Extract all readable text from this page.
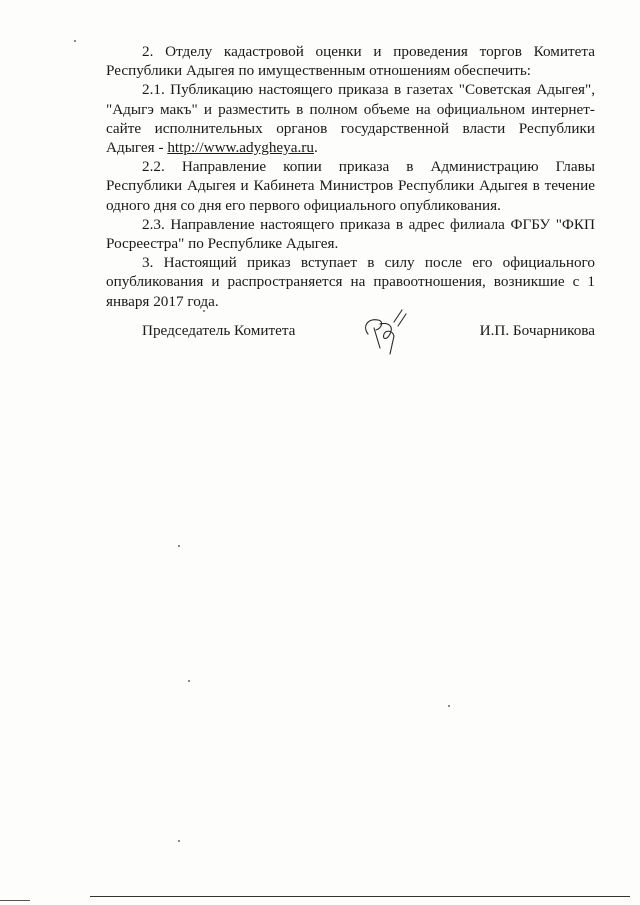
2. Отделу кадастровой оценки и проведения торгов Комитета Республики Адыгея по имущественным отношениям обеспечить:

2.1. Публикацию настоящего приказа в газетах "Советская Адыгея", "Адыгэ макъ" и разместить в полном объеме на официальном интернет-сайте исполнительных органов государственной власти Республики Адыгея - http://www.adygheya.ru.

2.2. Направление копии приказа в Администрацию Главы Республики Адыгея и Кабинета Министров Республики Адыгея в течение одного дня со дня его первого официального опубликования.

2.3. Направление настоящего приказа в адрес филиала ФГБУ "ФКП Росреестра" по Республике Адыгея.

3. Настоящий приказ вступает в силу после его официального опубликования и распространяется на правоотношения, возникшие с 1 января 2017 года.

Председатель Комитета	И.П. Бочарникова
